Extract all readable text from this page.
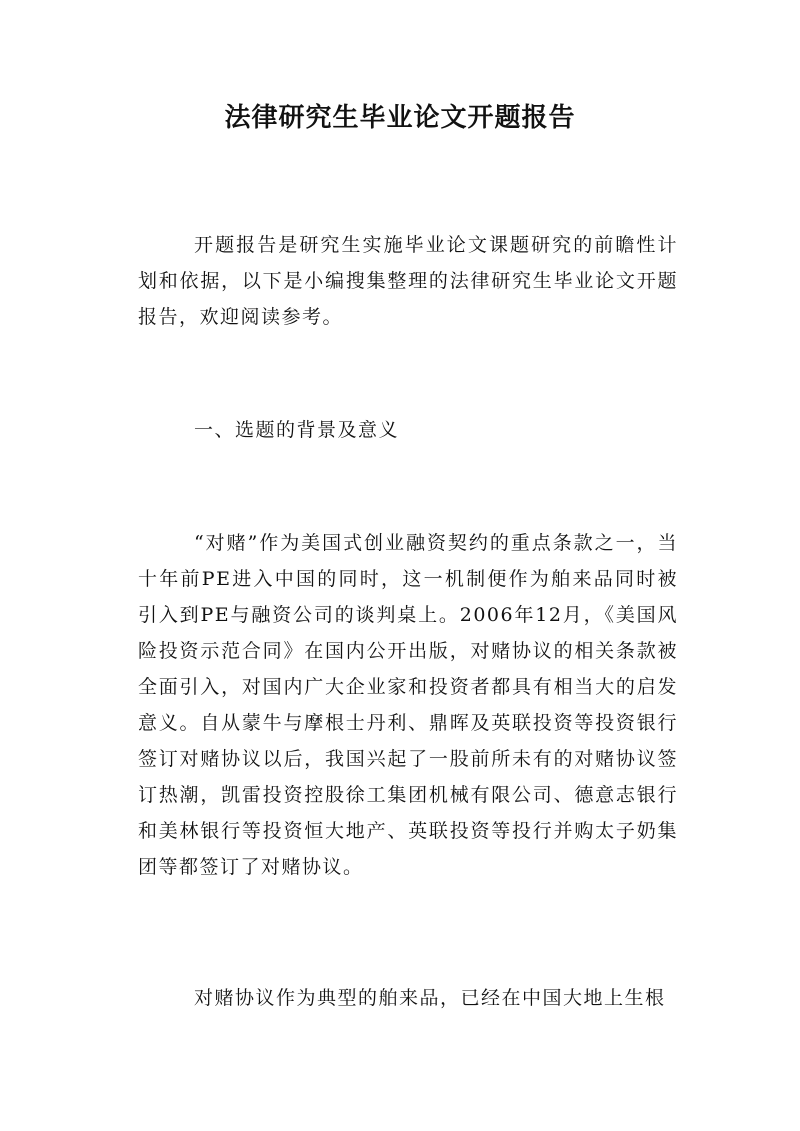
法律研究生毕业论文开题报告

开题报告是研究生实施毕业论文课题研究的前瞻性计划和依据，以下是小编搜集整理的法律研究生毕业论文开题报告，欢迎阅读参考。

一、选题的背景及意义

“对赌”作为美国式创业融资契约的重点条款之一，当十年前PE进入中国的同时，这一机制便作为舶来品同时被引入到PE与融资公司的谈判桌上。2006年12月，《美国风险投资示范合同》在国内公开出版，对赌协议的相关条款被全面引入，对国内广大企业家和投资者都具有相当大的启发意义。自从蒙牛与摩根士丹利、鼎晖及英联投资等投资银行签订对赌协议以后，我国兴起了一股前所未有的对赌协议签订热潮，凯雷投资控股徐工集团机械有限公司、德意志银行和美林银行等投资恒大地产、英联投资等投行并购太子奶集团等都签订了对赌协议。

对赌协议作为典型的舶来品，已经在中国大地上生根
